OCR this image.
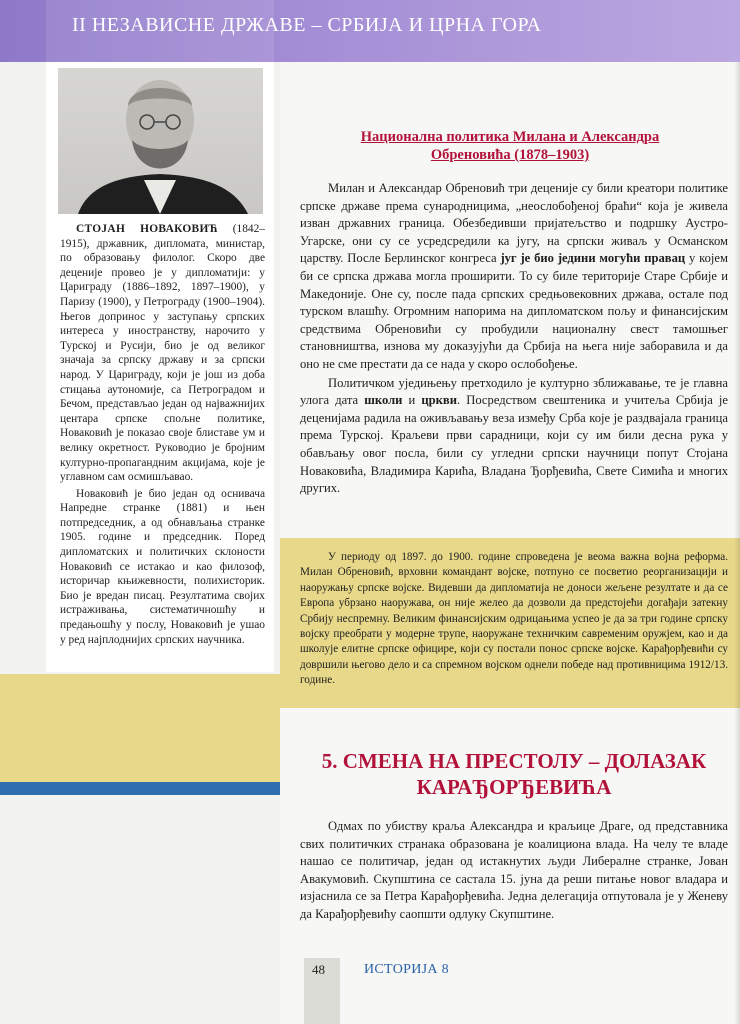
II НЕЗАВИСНЕ ДРЖАВЕ – СРБИЈА И ЦРНА ГОРА

СТОЈАН НОВАКОВИЋ (1842–1915), државник, дипломата, министар, по образовању филолог. Скоро две деценије провео је у дипломатији: у Цариграду (1886–1892, 1897–1900), у Паризу (1900), у Петрограду (1900–1904). Његов допринос у заступању српских интереса у иностранству, нарочито у Турској и Русији, био је од великог значаја за српску државу и за српски народ. У Цариграду, који је још из доба стицања аутономије, са Петроградом и Бечом, представљао један од најважнијих центара српске спољне политике, Новаковић је показао своје блиставе ум и велику окретност. Руководио је бројним културно-пропагандним акцијама, које је углавном сам осмишљавао.

Новаковић је био један од оснивача Напредне странке (1881) и њен потпредседник, а од обнављања странке 1905. године и председник. Поред дипломатских и политичких склоности Новаковић се истакао и као филозоф, историчар књижевности, полихисторик. Био је вредан писац. Резултатима својих истраживања, систематичношћу и предањошћу у послу, Новаковић је ушао у ред најплоднијих српских научника.

Национална политика Милана и Александра
Обреновића (1878–1903)

Милан и Александар Обреновић три деценије су били креатори политике српске државе према сународницима, „неослобођеној браћи“ која је живела изван државних граница. Обезбедивши пријатељство и подршку Аустро-Угарске, они су се усредсредили ка југу, на српски живаљ у Османском царству. После Берлинског конгреса југ је био једини могући правац у којем би се српска држава могла проширити. То су биле територије Старе Србије и Македоније. Оне су, после пада српских средњовековних држава, остале под турском влашћу. Огромним напорима на дипломатском пољу и финансијским средствима Обреновићи су пробудили националну свест тамошњег становништва, изнова му доказујући да Србија на њега није заборавила и да оно не сме престати да се нада у скоро ослобођење.

Политичком уједињењу претходило је културно зближавање, те је главна улога дата школи и цркви. Посредством свештеника и учитеља Србија је деценијама радила на оживљавању веза између Срба које је раздвајала граница према Турској. Краљеви први сарадници, који су им били десна рука у обављању овог посла, били су угледни српски научници попут Стојана Новаковића, Владимира Карића, Владана Ђорђевића, Свете Симића и многих других.

У периоду од 1897. до 1900. године спроведена је веома важна војна реформа. Милан Обреновић, врховни командант војске, потпуно се посветио реорганизацији и наоружању српске војске. Видевши да дипломатија не доноси жељене резултате и да се Европа убрзано наоружава, он није желео да дозволи да предстојећи догађаји затекну Србију неспремну. Великим финансијским одрицањима успео је да за три године српску војску преобрати у модерне трупе, наоружане техничким савременим оружјем, као и да школује елитне српске официре, који су постали понос српске војске. Карађорђевићи су довршили његово дело и са спремном војском однели победе над противницима 1912/13. године.

5. СМЕНА НА ПРЕСТОЛУ – ДОЛАЗАК
КАРАЂОРЂЕВИЋА

Одмах по убиству краља Александра и краљице Драге, од представника свих политичких странака образована је коалициона влада. На челу те владе нашао се политичар, један од истакнутих људи Либералне странке, Јован Авакумовић. Скупштина се састала 15. јуна да реши питање новог владара и изјаснила се за Петра Карађорђевића. Једна делегација отпутовала је у Женеву да Карађорђевићу саопшти одлуку Скупштине.

48	ИСТОРИЈА 8
